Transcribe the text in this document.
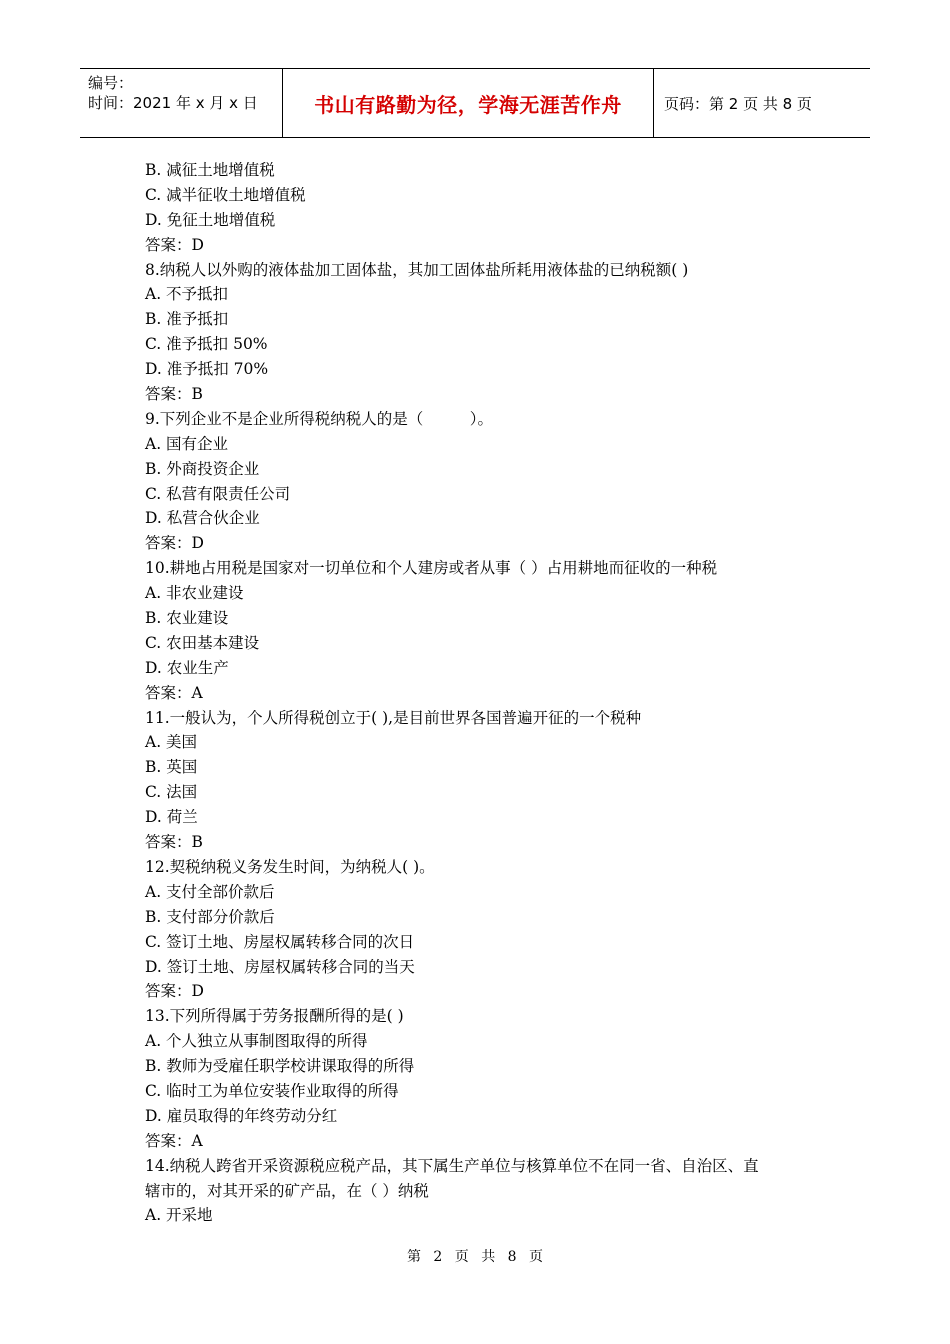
编号：
时间：2021 年 x 月 x 日	书山有路勤为径，学海无涯苦作舟	页码：第 2 页 共 8 页
B. 减征土地增值税
C. 减半征收土地增值税
D. 免征土地增值税
答案：D
8.纳税人以外购的液体盐加工固体盐，其加工固体盐所耗用液体盐的已纳税额( )
A. 不予抵扣
B. 准予抵扣
C. 准予抵扣 50%
D. 准予抵扣 70%
答案：B
9.下列企业不是企业所得税纳税人的是（　　　）。
A. 国有企业
B. 外商投资企业
C. 私营有限责任公司
D. 私营合伙企业
答案：D
10.耕地占用税是国家对一切单位和个人建房或者从事（ ）占用耕地而征收的一种税
A. 非农业建设
B. 农业建设
C. 农田基本建设
D. 农业生产
答案：A
11.一般认为，个人所得税创立于( ),是目前世界各国普遍开征的一个税种
A. 美国
B. 英国
C. 法国
D. 荷兰
答案：B
12.契税纳税义务发生时间，为纳税人( )。
A. 支付全部价款后
B. 支付部分价款后
C. 签订土地、房屋权属转移合同的次日
D. 签订土地、房屋权属转移合同的当天
答案：D
13.下列所得属于劳务报酬所得的是( )
A. 个人独立从事制图取得的所得
B. 教师为受雇任职学校讲课取得的所得
C. 临时工为单位安装作业取得的所得
D. 雇员取得的年终劳动分红
答案：A
14.纳税人跨省开采资源税应税产品，其下属生产单位与核算单位不在同一省、自治区、直
辖市的，对其开采的矿产品，在（ ）纳税
A. 开采地
第 2 页 共 8 页
